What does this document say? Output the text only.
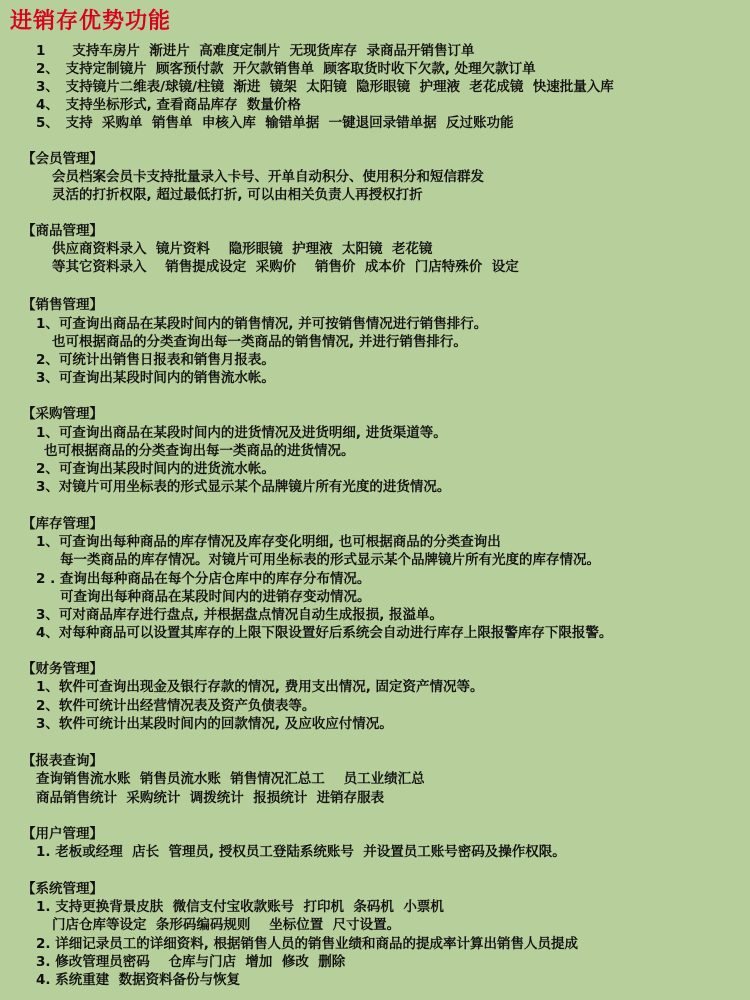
进销存优势功能
1　　支持车房片  渐进片  高难度定制片  无现货库存  录商品开销售订单
2、　支持定制镜片  顾客预付款  开欠款销售单  顾客取货时收下欠款, 处理欠款订单
3、　支持镜片二维表/球镜/柱镜  渐进  镜架  太阳镜  隐形眼镜  护理液  老花成镜  快速批量入库
4、　支持坐标形式, 查看商品库存  数量价格
5、　支持  采购单  销售单  申核入库  输错单据  一键退回录错单据  反过账功能
【会员管理】
会员档案会员卡支持批量录入卡号、开单自动积分、使用积分和短信群发
灵活的打折权限, 超过最低打折, 可以由相关负责人再授权打折
【商品管理】
供应商资料录入  镜片资料    隐形眼镜  护理液  太阳镜  老花镜
等其它资料录入    销售提成设定  采购价    销售价  成本价  门店特殊价  设定
【销售管理】
1、可查询出商品在某段时间内的销售情况, 并可按销售情况进行销售排行。
也可根据商品的分类查询出每一类商品的销售情况, 并进行销售排行。
2、可统计出销售日报表和销售月报表。
3、可查询出某段时间内的销售流水帐。
【采购管理】
1、可查询出商品在某段时间内的进货情况及进货明细, 进货渠道等。
也可根据商品的分类查询出每一类商品的进货情况。
2、可查询出某段时间内的进货流水帐。
3、对镜片可用坐标表的形式显示某个品牌镜片所有光度的进货情况。
【库存管理】
1、可查询出每种商品的库存情况及库存变化明细, 也可根据商品的分类查询出
每一类商品的库存情况。对镜片可用坐标表的形式显示某个品牌镜片所有光度的库存情况。
2 . 查询出每种商品在每个分店仓库中的库存分布情况。
可查询出每种商品在某段时间内的进销存变动情况。
3、可对商品库存进行盘点, 并根据盘点情况自动生成报损, 报溢单。
4、对每种商品可以设置其库存的上限下限设置好后系统会自动进行库存上限报警库存下限报警。
【财务管理】
1、软件可查询出现金及银行存款的情况, 费用支出情况, 固定资产情况等。
2、软件可统计出经营情况表及资产负债表等。
3、软件可统计出某段时间内的回款情况, 及应收应付情况。
【报表查询】
查询销售流水账  销售员流水账  销售情况汇总工    员工业绩汇总
商品销售统计  采购统计  调拨统计  报损统计  进销存服表
【用户管理】
1. 老板或经理  店长  管理员, 授权员工登陆系统账号  并设置员工账号密码及操作权限。
【系统管理】
1. 支持更换背景皮肤  微信支付宝收款账号  打印机  条码机  小票机
门店仓库等设定  条形码编码规则    坐标位置  尺寸设置。
2. 详细记录员工的详细资料, 根据销售人员的销售业绩和商品的提成率计算出销售人员提成
3. 修改管理员密码    仓库与门店  增加  修改  删除
4. 系统重建  数据资料备份与恢复
